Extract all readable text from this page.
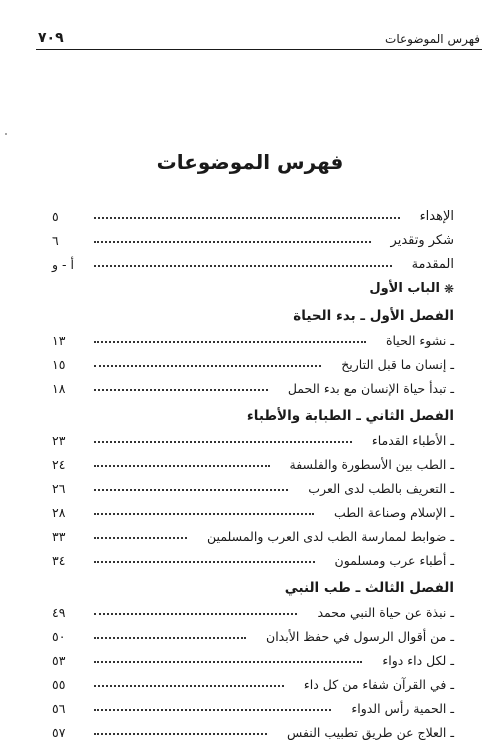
فهرس الموضوعات
٧٠٩
فهرس الموضوعات
الإهداء
٥
شكر وتقدير
٦
المقدمة
أ - و
❋
الباب الأول
الفصل الأول ـ بدء الحياة
ـ نشوء الحياة
١٣
ـ إنسان ما قبل التاريخ
١٥
ـ تبدأ حياة الإنسان مع بدء الحمل
١٨
الفصل الثاني ـ الطبابة والأطباء
ـ الأطباء القدماء
٢٣
ـ الطب بين الأسطورة والفلسفة
٢٤
ـ التعريف بالطب لدى العرب
٢٦
ـ الإسلام وصناعة الطب
٢٨
ـ ضوابط لممارسة الطب لدى العرب والمسلمين
٣٣
ـ أطباء عرب ومسلمون
٣٤
الفصل الثالث ـ طب النبي
ـ نبذة عن حياة النبي محمد
٤٩
ـ من أقوال الرسول في حفظ الأبدان
٥٠
ـ لكل داء دواء
٥٣
ـ في القرآن شفاء من كل داء
٥٥
ـ الحمية رأس الدواء
٥٦
ـ العلاج عن طريق تطبيب النفس
٥٧
